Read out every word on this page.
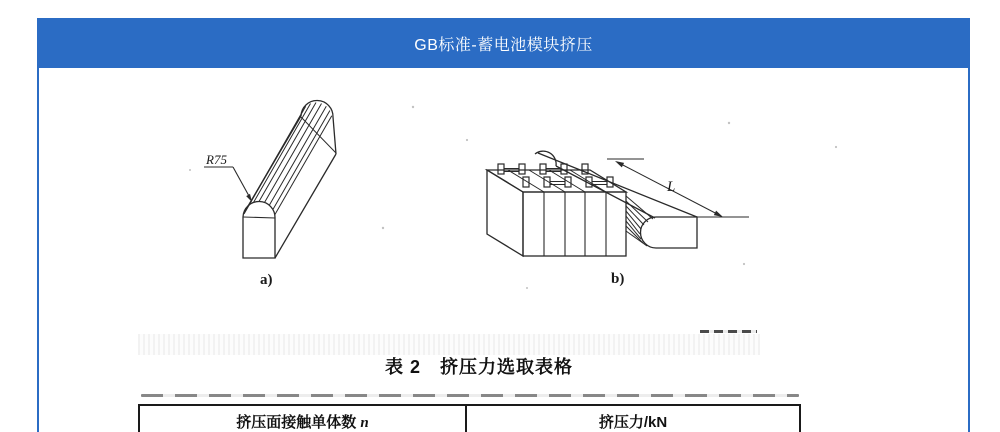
GB标准-蓄电池模块挤压
R75
a)
L
b)
表 2　挤压力选取表格
挤压面接触单体数 n	挤压力/kN
